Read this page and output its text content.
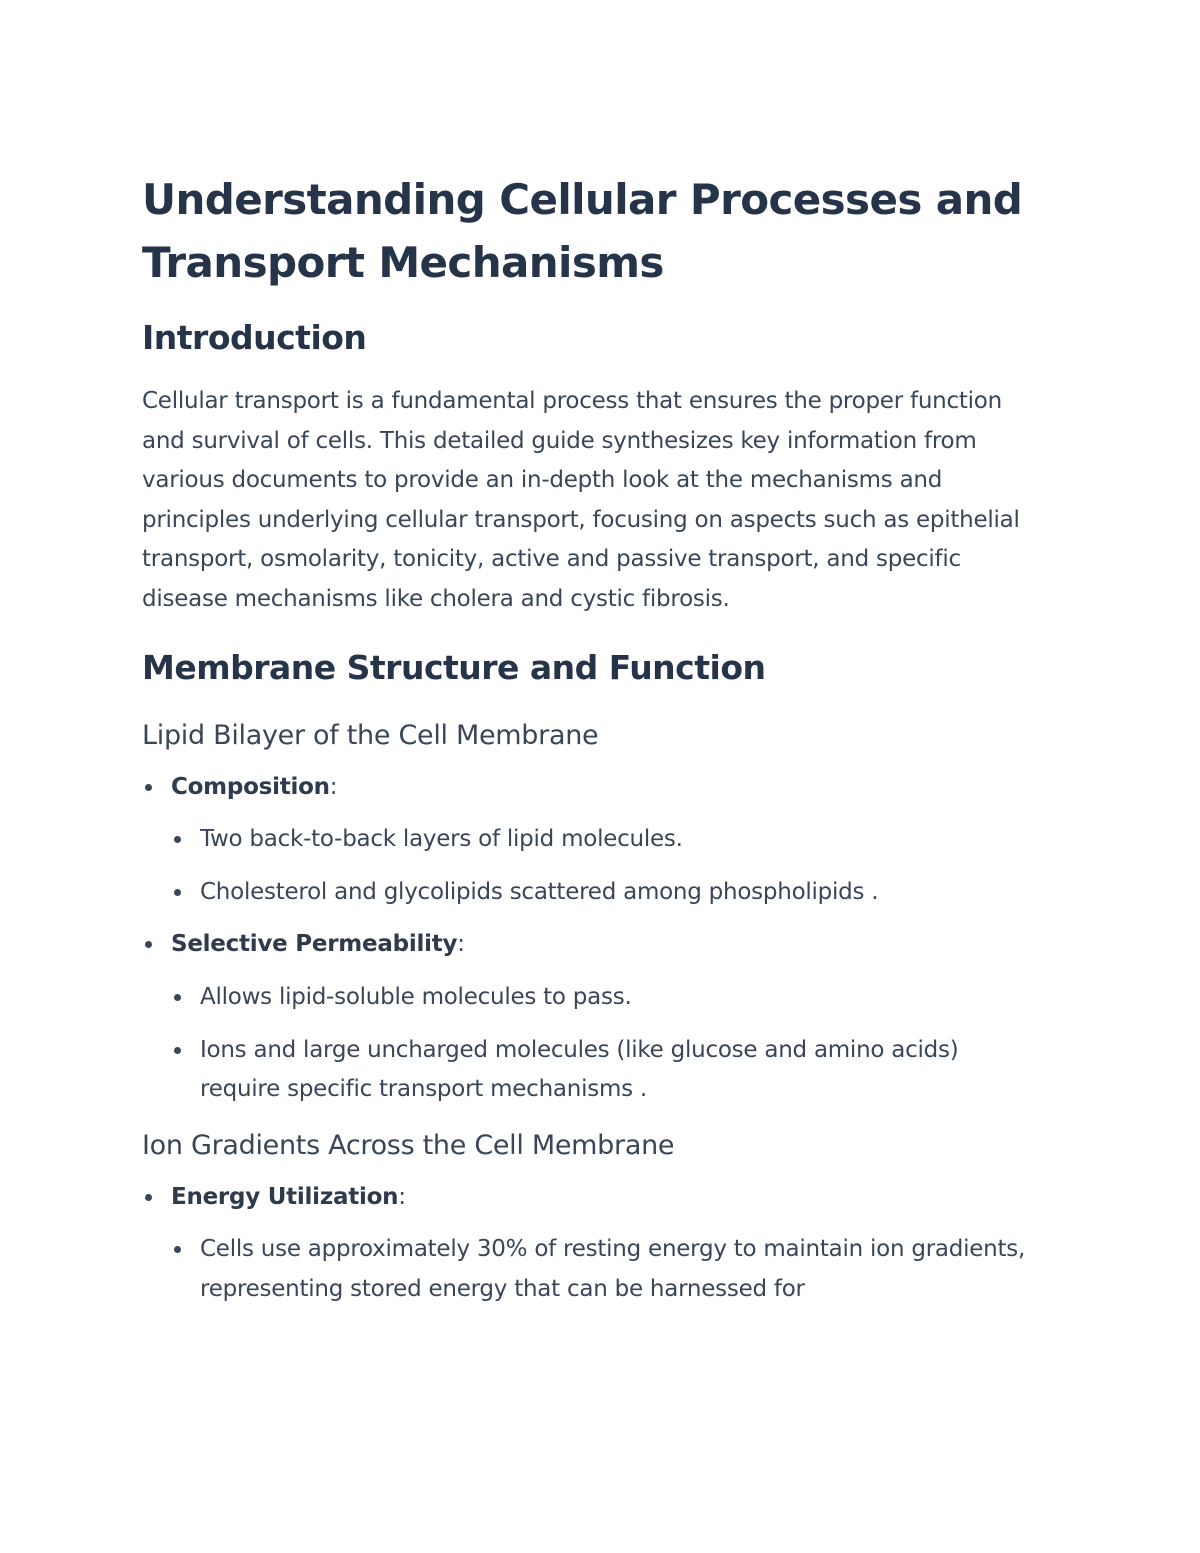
Understanding Cellular Processes and Transport Mechanisms
Introduction

Cellular transport is a fundamental process that ensures the proper function and survival of cells. This detailed guide synthesizes key information from various documents to provide an in-depth look at the mechanisms and principles underlying cellular transport, focusing on aspects such as epithelial transport, osmolarity, tonicity, active and passive transport, and specific disease mechanisms like cholera and cystic fibrosis.

Membrane Structure and Function
Lipid Bilayer of the Cell Membrane
Composition:
Two back-to-back layers of lipid molecules.
Cholesterol and glycolipids scattered among phospholipids .
Selective Permeability:
Allows lipid-soluble molecules to pass.
Ions and large uncharged molecules (like glucose and amino acids) require specific transport mechanisms .
Ion Gradients Across the Cell Membrane
Energy Utilization:
Cells use approximately 30% of resting energy to maintain ion gradients, representing stored energy that can be harnessed for
